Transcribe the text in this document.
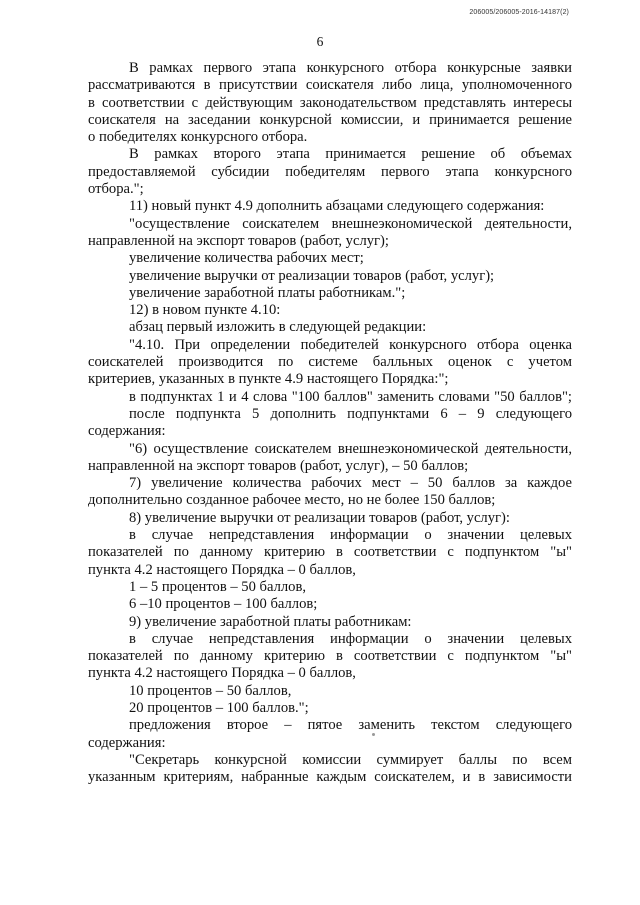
206005/206005-2016-14187(2)
6
В рамках первого этапа конкурсного отбора конкурсные заявки
рассматриваются в присутствии соискателя либо лица, уполномоченного
в соответствии с действующим законодательством представлять интересы
соискателя на заседании конкурсной комиссии, и принимается решение
о победителях конкурсного отбора.
В рамках второго этапа принимается решение об объемах
предоставляемой субсидии победителям первого этапа конкурсного
отбора.";
11) новый пункт 4.9 дополнить абзацами следующего содержания:
"осуществление соискателем внешнеэкономической деятельности,
направленной на экспорт товаров (работ, услуг);
увеличение количества рабочих мест;
увеличение выручки от реализации товаров (работ, услуг);
увеличение заработной платы работникам.";
12) в новом пункте 4.10:
абзац первый изложить в следующей редакции:
"4.10. При определении победителей конкурсного отбора оценка
соискателей производится по системе балльных оценок с учетом
критериев, указанных в пункте 4.9 настоящего Порядка:";
в подпунктах 1 и 4 слова "100 баллов" заменить словами "50 баллов";
после подпункта 5 дополнить подпунктами 6 – 9 следующего
содержания:
"6) осуществление соискателем внешнеэкономической деятельности,
направленной на экспорт товаров (работ, услуг), – 50 баллов;
7) увеличение количества рабочих мест – 50 баллов за каждое
дополнительно созданное рабочее место, но не более 150 баллов;
8) увеличение выручки от реализации товаров (работ, услуг):
в случае непредставления информации о значении целевых
показателей по данному критерию в соответствии с подпунктом "ы"
пункта 4.2 настоящего Порядка – 0 баллов,
1 – 5 процентов – 50 баллов,
6 –10 процентов – 100 баллов;
9) увеличение заработной платы работникам:
в случае непредставления информации о значении целевых
показателей по данному критерию в соответствии с подпунктом "ы"
пункта 4.2 настоящего Порядка – 0 баллов,
10 процентов – 50 баллов,
20 процентов – 100 баллов.";
предложения второе – пятое заменить текстом следующего
содержания:
"Секретарь конкурсной комиссии суммирует баллы по всем
указанным критериям, набранные каждым соискателем, и в зависимости
